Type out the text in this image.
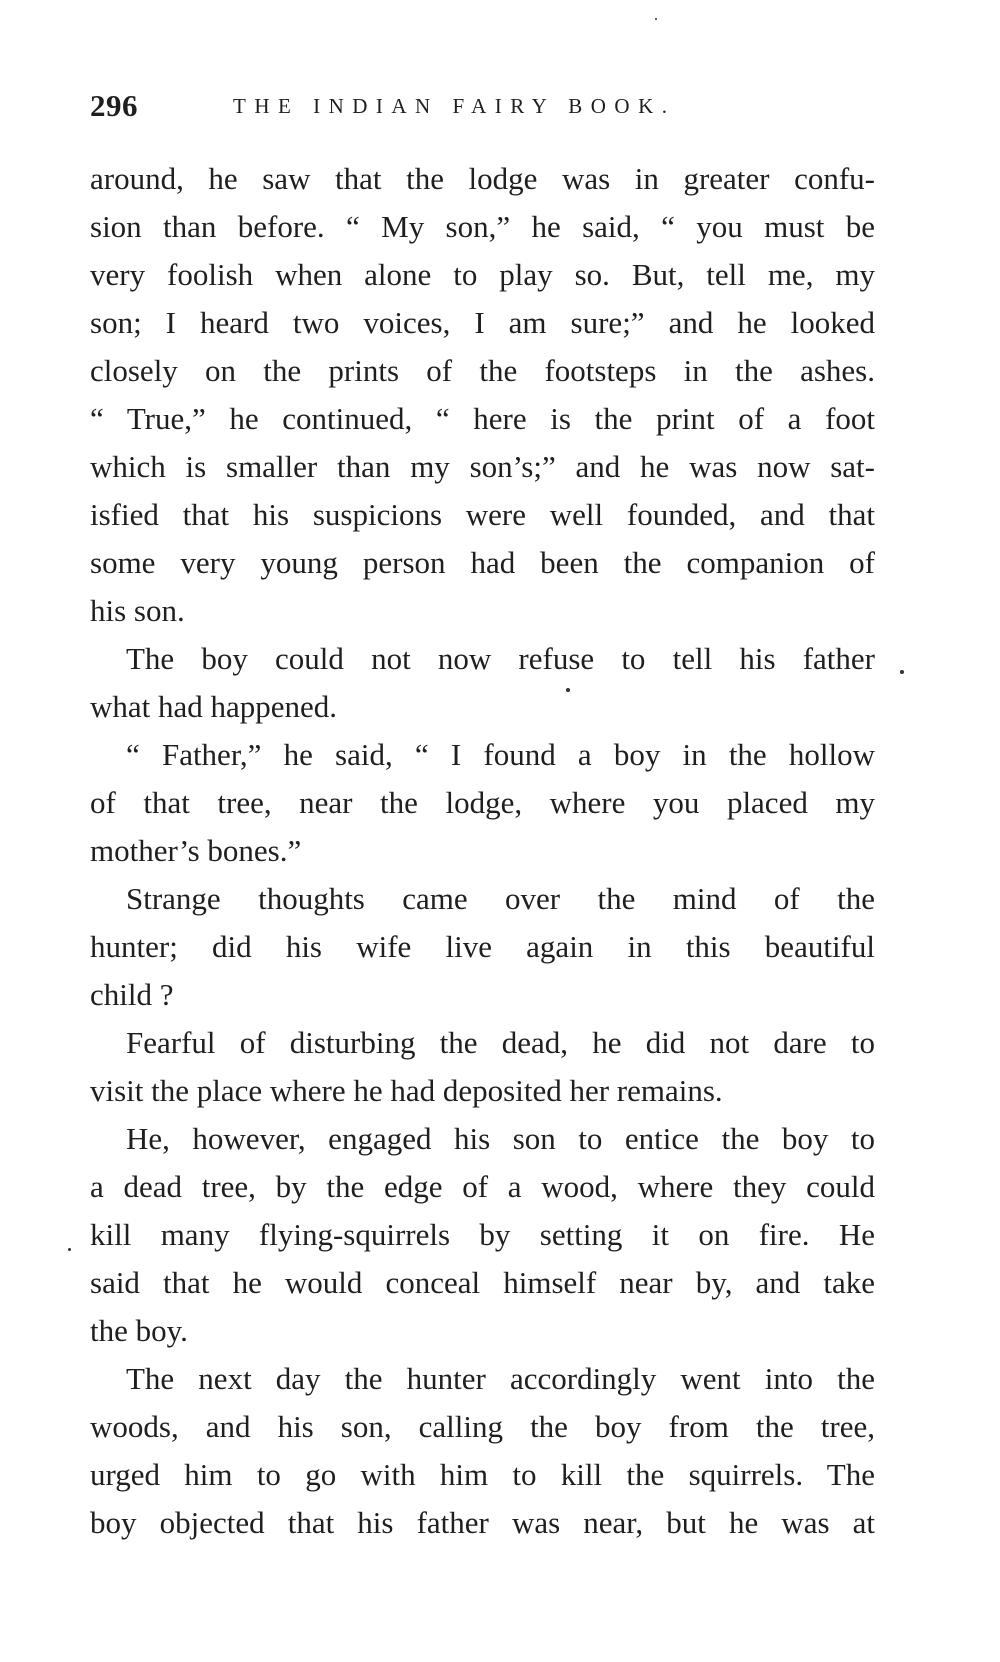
296	THE INDIAN FAIRY BOOK.

around, he saw that the lodge was in greater confu-

sion than before. “ My son,” he said, “ you must be

very foolish when alone to play so. But, tell me, my

son; I heard two voices, I am sure;” and he looked

closely on the prints of the footsteps in the ashes.

“ True,” he continued, “ here is the print of a foot

which is smaller than my son’s;” and he was now sat-

isfied that his suspicions were well founded, and that

some very young person had been the companion of

his son.

The boy could not now refuse to tell his father

what had happened.

“ Father,” he said, “ I found a boy in the hollow

of that tree, near the lodge, where you placed my

mother’s bones.”

Strange thoughts came over the mind of the

hunter; did his wife live again in this beautiful

child ?

Fearful of disturbing the dead, he did not dare to

visit the place where he had deposited her remains.

He, however, engaged his son to entice the boy to

a dead tree, by the edge of a wood, where they could

kill many flying-squirrels by setting it on fire. He

said that he would conceal himself near by, and take

the boy.

The next day the hunter accordingly went into the

woods, and his son, calling the boy from the tree,

urged him to go with him to kill the squirrels. The

boy objected that his father was near, but he was at
